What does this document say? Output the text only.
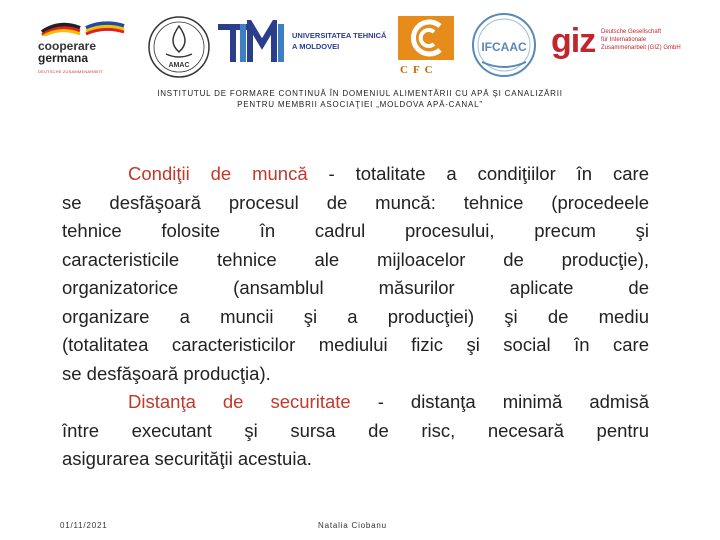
cooperare
germana
DEUTSCHE ZUSAMMENARBEIT
AMAC
UNIVERSITATEA TEHNICĂ
A MOLDOVEI
CFC
IFCAAC giz Deutsche Gesellschaft
für Internationale
Zusammenarbeit (GIZ) GmbH
INSTITUTUL DE FORMARE CONTINUĂ ÎN DOMENIUL ALIMENTĂRII CU APĂ ŞI CANALIZĂRII
PENTRU MEMBRII ASOCIAŢIEI „MOLDOVA APĂ-CANAL”
Condiţii de muncă - totalitate a condiţiilor în care
se desfăşoară procesul de muncă: tehnice (procedeele
tehnice folosite în cadrul procesului, precum şi
caracteristicile tehnice ale mijloacelor de producţie),
organizatorice (ansamblul măsurilor aplicate de
organizare a muncii şi a producţiei) şi de mediu
(totalitatea caracteristicilor mediului fizic şi social în care
se desfăşoară producţia).
Distanţa de securitate - distanţa minimă admisă
între executant şi sursa de risc, necesară pentru
asigurarea securităţii acestuia.
01/11/2021	Natalia Ciobanu
